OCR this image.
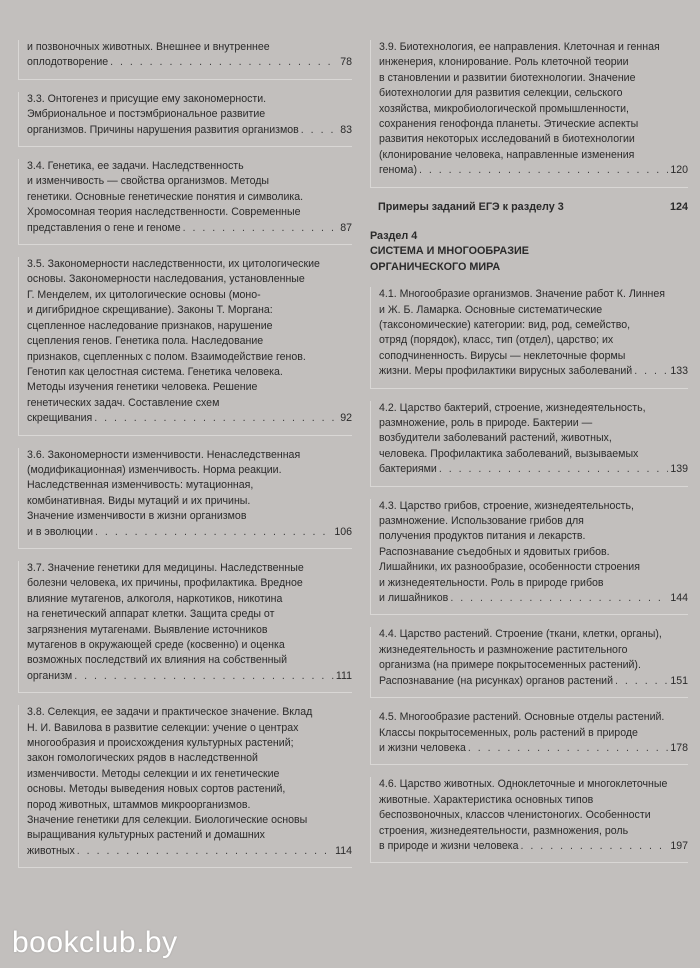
и позвоночных животных. Внешнее и внутреннее

оплодотворение . . .	78

3.3. Онтогенез и присущие ему закономерности.

Эмбриональное и постэмбриональное развитие

организмов. Причины нарушения развития организмов . . .	83

3.4. Генетика, ее задачи. Наследственность

и изменчивость — свойства организмов. Методы

генетики. Основные генетические понятия и символика.

Хромосомная теория наследственности. Современные

представления о гене и геноме . . .	87

3.5. Закономерности наследственности, их цитологические

основы. Закономерности наследования, установленные

Г. Менделем, их цитологические основы (моно-

и дигибридное скрещивание). Законы Т. Моргана:

сцепленное наследование признаков, нарушение

сцепления генов. Генетика пола. Наследование

признаков, сцепленных с полом. Взаимодействие генов.

Генотип как целостная система. Генетика человека.

Методы изучения генетики человека. Решение

генетических задач. Составление схем

скрещивания . . .	92

3.6. Закономерности изменчивости. Ненаследственная

(модификационная) изменчивость. Норма реакции.

Наследственная изменчивость: мутационная,

комбинативная. Виды мутаций и их причины.

Значение изменчивости в жизни организмов

и в эволюции . . .	106

3.7. Значение генетики для медицины. Наследственные

болезни человека, их причины, профилактика. Вредное

влияние мутагенов, алкоголя, наркотиков, никотина

на генетический аппарат клетки. Защита среды от

загрязнения мутагенами. Выявление источников

мутагенов в окружающей среде (косвенно) и оценка

возможных последствий их влияния на собственный

организм . . .	111

3.8. Селекция, ее задачи и практическое значение. Вклад

Н. И. Вавилова в развитие селекции: учение о центрах

многообразия и происхождения культурных растений;

закон гомологических рядов в наследственной

изменчивости. Методы селекции и их генетические

основы. Методы выведения новых сортов растений,

пород животных, штаммов микроорганизмов.

Значение генетики для селекции. Биологические основы

выращивания культурных растений и домашних

животных . . .	114

3.9. Биотехнология, ее направления. Клеточная и генная

инженерия, клонирование. Роль клеточной теории

в становлении и развитии биотехнологии. Значение

биотехнологии для развития селекции, сельского

хозяйства, микробиологической промышленности,

сохранения генофонда планеты. Этические аспекты

развития некоторых исследований в биотехнологии

(клонирование человека, направленные изменения

генома) . . .	120
Примеры заданий ЕГЭ к разделу 3	124
Раздел 4
СИСТЕМА И МНОГООБРАЗИЕ
ОРГАНИЧЕСКОГО МИРА

4.1. Многообразие организмов. Значение работ К. Линнея

и Ж. Б. Ламарка. Основные систематические

(таксономические) категории: вид, род, семейство,

отряд (порядок), класс, тип (отдел), царство; их

соподчиненность. Вирусы — неклеточные формы

жизни. Меры профилактики вирусных заболеваний . . .	133

4.2. Царство бактерий, строение, жизнедеятельность,

размножение, роль в природе. Бактерии —

возбудители заболеваний растений, животных,

человека. Профилактика заболеваний, вызываемых

бактериями . . .	139

4.3. Царство грибов, строение, жизнедеятельность,

размножение. Использование грибов для

получения продуктов питания и лекарств.

Распознавание съедобных и ядовитых грибов.

Лишайники, их разнообразие, особенности строения

и жизнедеятельности. Роль в природе грибов

и лишайников . . .	144

4.4. Царство растений. Строение (ткани, клетки, органы),

жизнедеятельность и размножение растительного

организма (на примере покрытосеменных растений).

Распознавание (на рисунках) органов растений . . .	151

4.5. Многообразие растений. Основные отделы растений.

Классы покрытосеменных, роль растений в природе

и жизни человека . . .	178

4.6. Царство животных. Одноклеточные и многоклеточные

животные. Характеристика основных типов

беспозвоночных, классов членистоногих. Особенности

строения, жизнедеятельности, размножения, роль

в природе и жизни человека . . .	197
bookclub.by
